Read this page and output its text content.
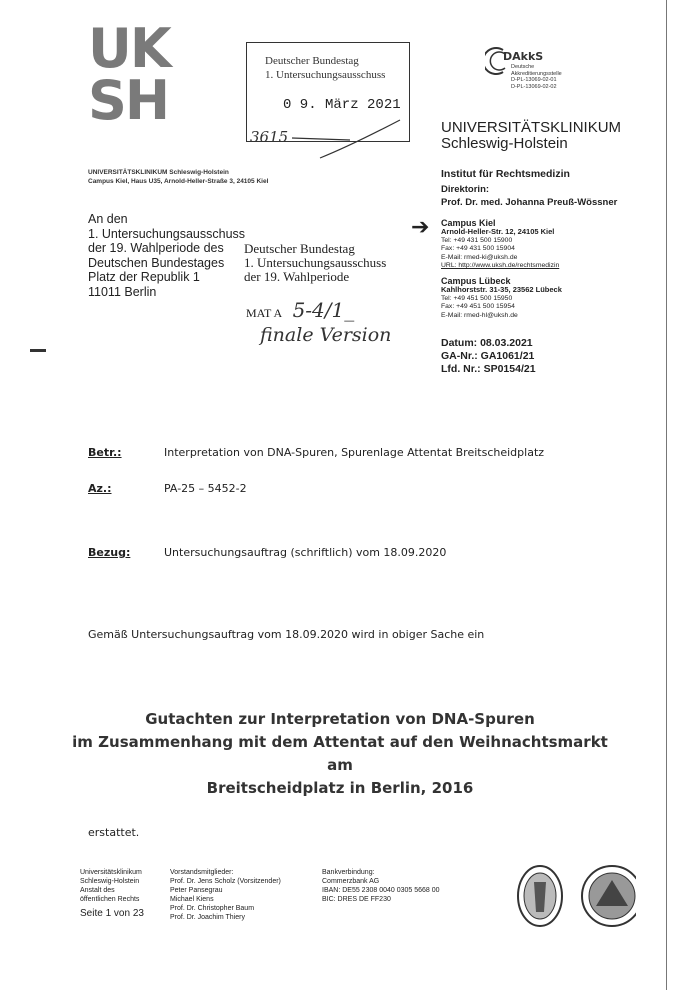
UK
SH
UNIVERSITÄTSKLINIKUM Schleswig-Holstein
Campus Kiel, Haus U35, Arnold-Heller-Straße 3, 24105 Kiel
Deutscher Bundestag
1. Untersuchungsausschuss
0 9. März 2021
3615
DAkkS
Deutsche
Akkreditierungsstelle
D-PL-13069-02-01
D-PL-13069-02-02
UNIVERSITÄTSKLINIKUM
Schleswig-Holstein
Institut für Rechtsmedizin
Direktorin:
Prof. Dr. med. Johanna Preuß-Wössner
➔ Campus Kiel
Arnold-Heller-Str. 12, 24105 Kiel
Tel: +49 431 500 15900
Fax: +49 431 500 15904
E-Mail: rmed-ki@uksh.de
URL: http://www.uksh.de/rechtsmedizin
Campus Lübeck
Kahlhorststr. 31-35, 23562 Lübeck
Tel: +49 451 500 15950
Fax: +49 451 500 15954
E-Mail: rmed-hl@uksh.de
An den
1. Untersuchungsausschuss
der 19. Wahlperiode des
Deutschen Bundestages
Platz der Republik 1
11011 Berlin
Deutscher Bundestag
1. Untersuchungsausschuss
der 19. Wahlperiode
MAT A 5-4/1_
finale Version	Datum: 08.03.2021
GA-Nr.: GA1061/21
Lfd. Nr.: SP0154/21
Betr.:	Interpretation von DNA-Spuren, Spurenlage Attentat Breitscheidplatz
Az.:	PA-25 – 5452-2
Bezug:	Untersuchungsauftrag (schriftlich) vom 18.09.2020
Gemäß Untersuchungsauftrag vom 18.09.2020 wird in obiger Sache ein
Gutachten zur Interpretation von DNA-Spuren
im Zusammenhang mit dem Attentat auf den Weihnachtsmarkt am
Breitscheidplatz in Berlin, 2016
erstattet.
Universitätsklinikum
Schleswig-Holstein
Anstalt des
öffentlichen Rechts
Seite 1 von 23
Vorstandsmitglieder:
Prof. Dr. Jens Scholz (Vorsitzender)
Peter Pansegrau
Michael Kiens
Prof. Dr. Christopher Baum
Prof. Dr. Joachim Thiery
Bankverbindung:
Commerzbank AG
IBAN: DE55 2308 0040 0305 5668 00
BIC: DRES DE FF230
